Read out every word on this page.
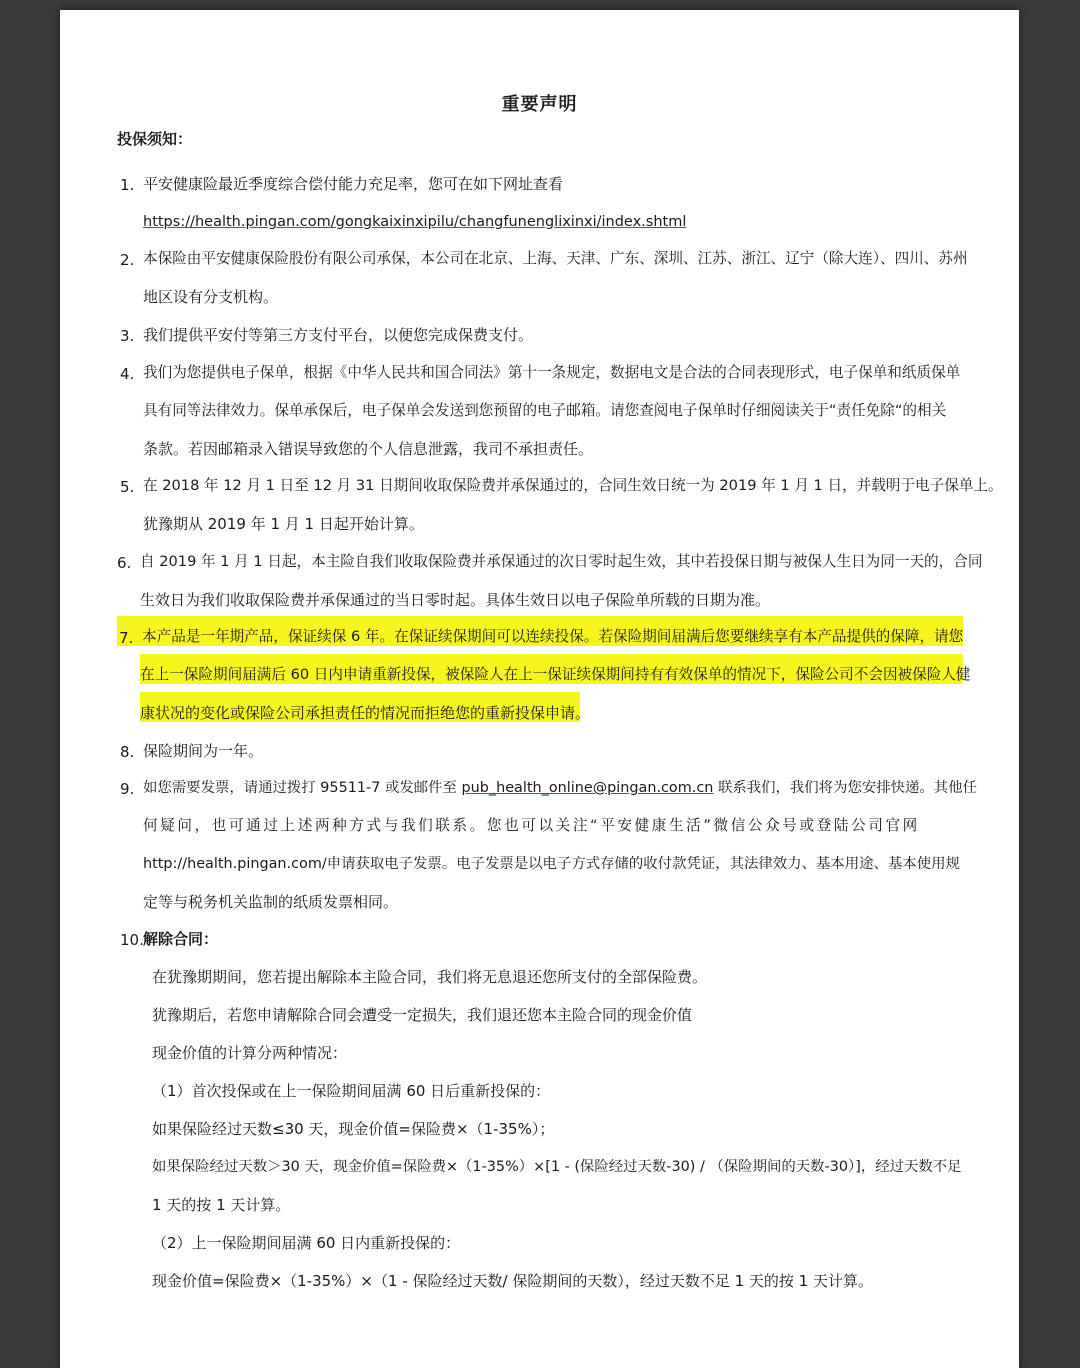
重要声明
投保须知：
1. 平安健康险最近季度综合偿付能力充足率，您可在如下网址查看
https://health.pingan.com/gongkaixinxipilu/changfunenglixinxi/index.shtml
2. 本保险由平安健康保险股份有限公司承保，本公司在北京、上海、天津、广东、深圳、江苏、浙江、辽宁（除大连）、四川、苏州
地区设有分支机构。
3. 我们提供平安付等第三方支付平台，以便您完成保费支付。
4. 我们为您提供电子保单，根据《中华人民共和国合同法》第十一条规定，数据电文是合法的合同表现形式，电子保单和纸质保单
具有同等法律效力。保单承保后，电子保单会发送到您预留的电子邮箱。请您查阅电子保单时仔细阅读关于“责任免除“的相关
条款。若因邮箱录入错误导致您的个人信息泄露，我司不承担责任。
5. 在 2018 年 12 月 1 日至 12 月 31 日期间收取保险费并承保通过的，合同生效日统一为 2019 年 1 月 1 日，并载明于电子保单上。
犹豫期从 2019 年 1 月 1 日起开始计算。
6. 自 2019 年 1 月 1 日起，本主险自我们收取保险费并承保通过的次日零时起生效，其中若投保日期与被保人生日为同一天的，合同
生效日为我们收取保险费并承保通过的当日零时起。具体生效日以电子保险单所载的日期为准。
7. 本产品是一年期产品，保证续保 6 年。在保证续保期间可以连续投保。若保险期间届满后您要继续享有本产品提供的保障，请您
在上一保险期间届满后 60 日内申请重新投保，被保险人在上一保证续保期间持有有效保单的情况下，保险公司不会因被保险人健
康状况的变化或保险公司承担责任的情况而拒绝您的重新投保申请。
8. 保险期间为一年。
9. 如您需要发票，请通过拨打 95511-7 或发邮件至 pub_health_online@pingan.com.cn 联系我们，我们将为您安排快递。其他任
何疑问，也可通过上述两种方式与我们联系。您也可以关注“平安健康生活”微信公众号或登陆公司官网
http://health.pingan.com/申请获取电子发票。电子发票是以电子方式存储的收付款凭证，其法律效力、基本用途、基本使用规
定等与税务机关监制的纸质发票相同。
10. 解除合同：
在犹豫期期间，您若提出解除本主险合同，我们将无息退还您所支付的全部保险费。
犹豫期后，若您申请解除合同会遭受一定损失，我们退还您本主险合同的现金价值
现金价值的计算分两种情况：
（1）首次投保或在上一保险期间届满 60 日后重新投保的：
如果保险经过天数≤30 天，现金价值=保险费×（1-35%）；
如果保险经过天数＞30 天，现金价值=保险费×（1-35%）×[1 - (保险经过天数-30) / （保险期间的天数-30）]，经过天数不足
1 天的按 1 天计算。
（2）上一保险期间届满 60 日内重新投保的：
现金价值=保险费×（1-35%）×（1 - 保险经过天数/ 保险期间的天数），经过天数不足 1 天的按 1 天计算。
